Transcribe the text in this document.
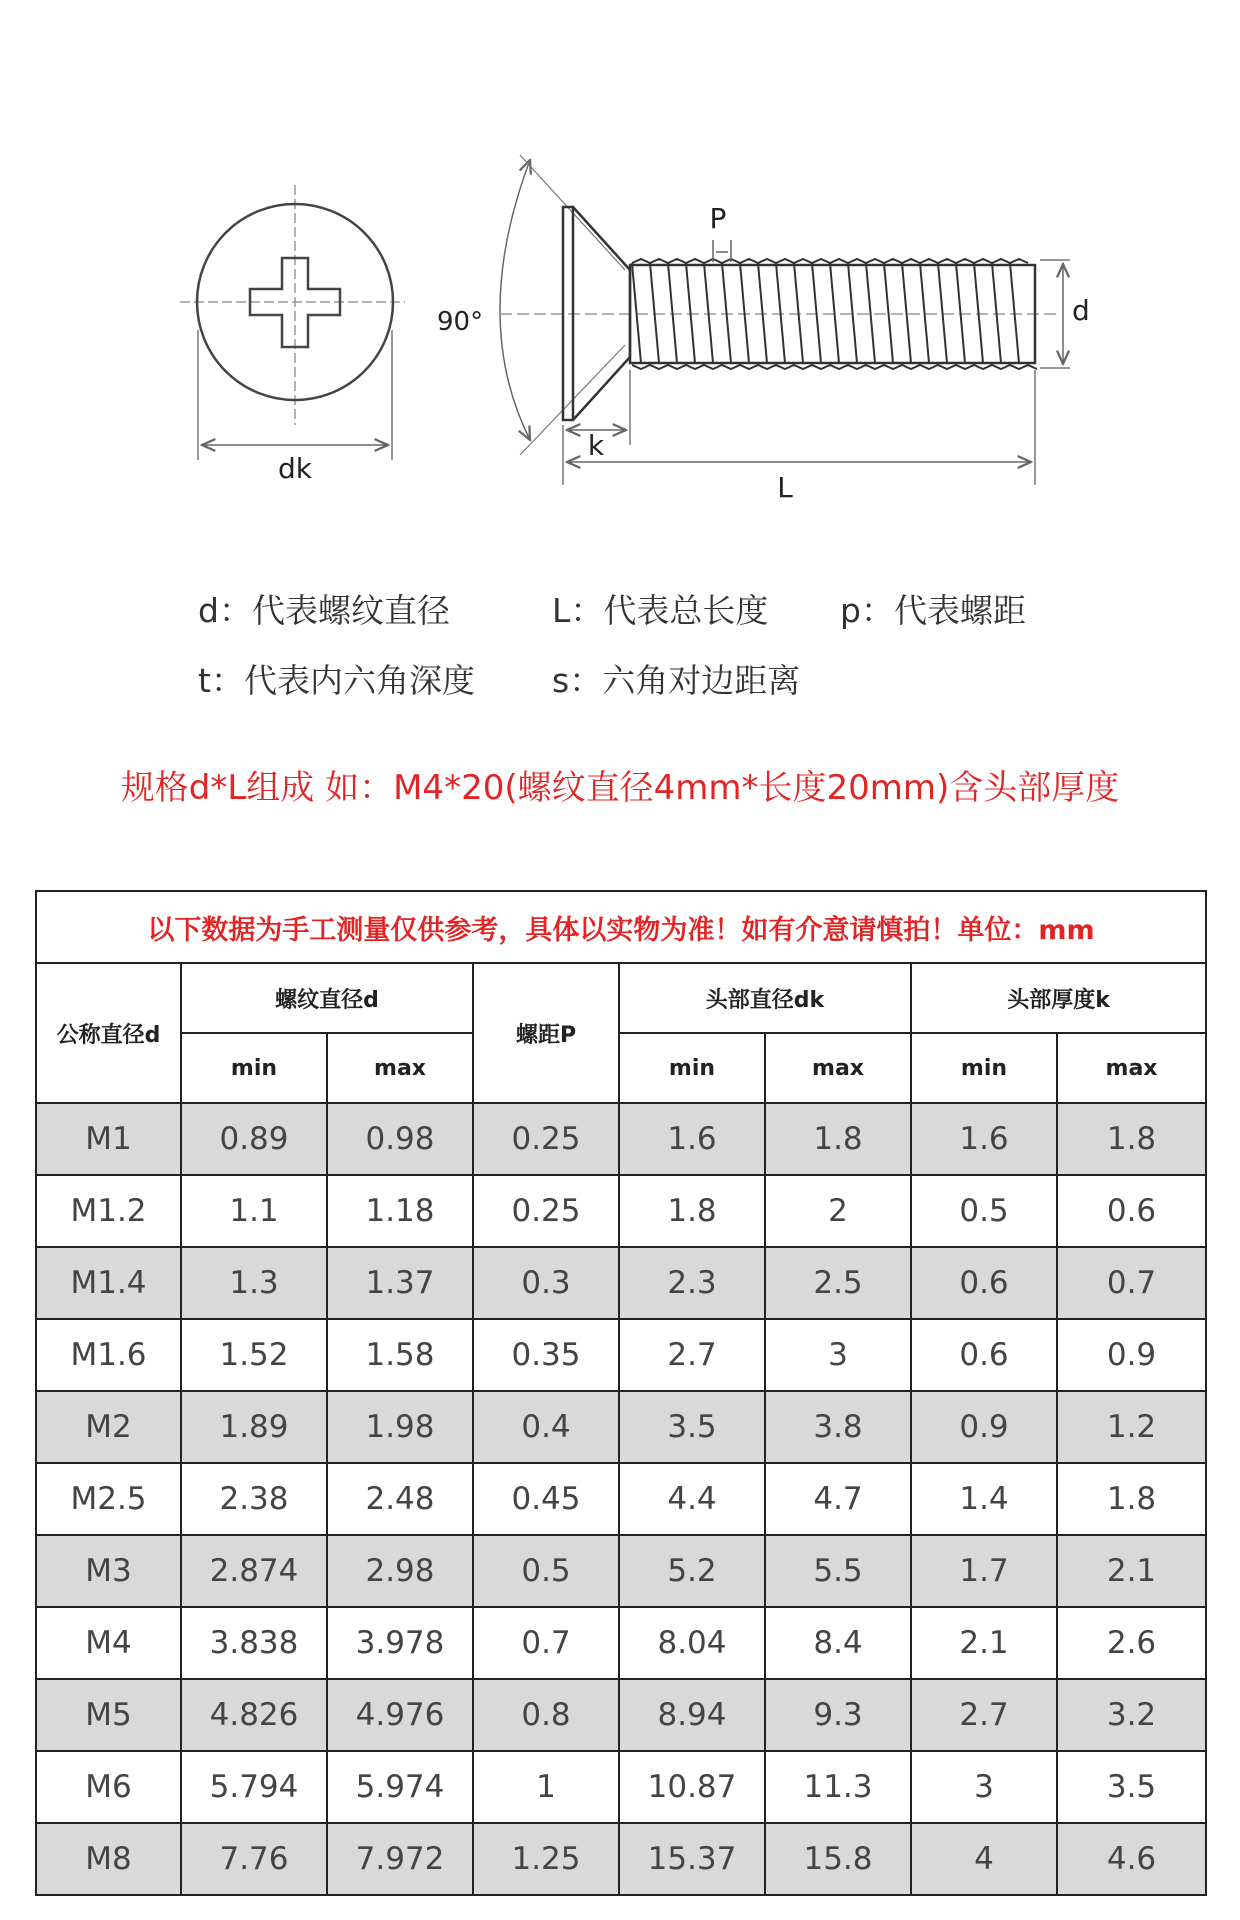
P
d
90°
k
dk
L
d：代表螺纹直径	L：代表总长度 p：代表螺距
t：代表内六角深度 s：六角对边距离
规格d*L组成 如：M4*20(螺纹直径4mm*长度20mm)含头部厚度
以下数据为手工测量仅供参考，具体以实物为准！如有介意请慎拍！单位：mm							
公称直径d	螺纹直径d		螺距P	头部直径dk		头部厚度k	
	min	max		min	max	min	max
M1	0.89	0.98	0.25	1.6	1.8	1.6	1.8
M1.2	1.1	1.18	0.25	1.8	2	0.5	0.6
M1.4	1.3	1.37	0.3	2.3	2.5	0.6	0.7
M1.6	1.52	1.58	0.35	2.7	3	0.6	0.9
M2	1.89	1.98	0.4	3.5	3.8	0.9	1.2
M2.5	2.38	2.48	0.45	4.4	4.7	1.4	1.8
M3	2.874	2.98	0.5	5.2	5.5	1.7	2.1
M4	3.838	3.978	0.7	8.04	8.4	2.1	2.6
M5	4.826	4.976	0.8	8.94	9.3	2.7	3.2
M6	5.794	5.974	1	10.87	11.3	3	3.5
M8	7.76	7.972	1.25	15.37	15.8	4	4.6
